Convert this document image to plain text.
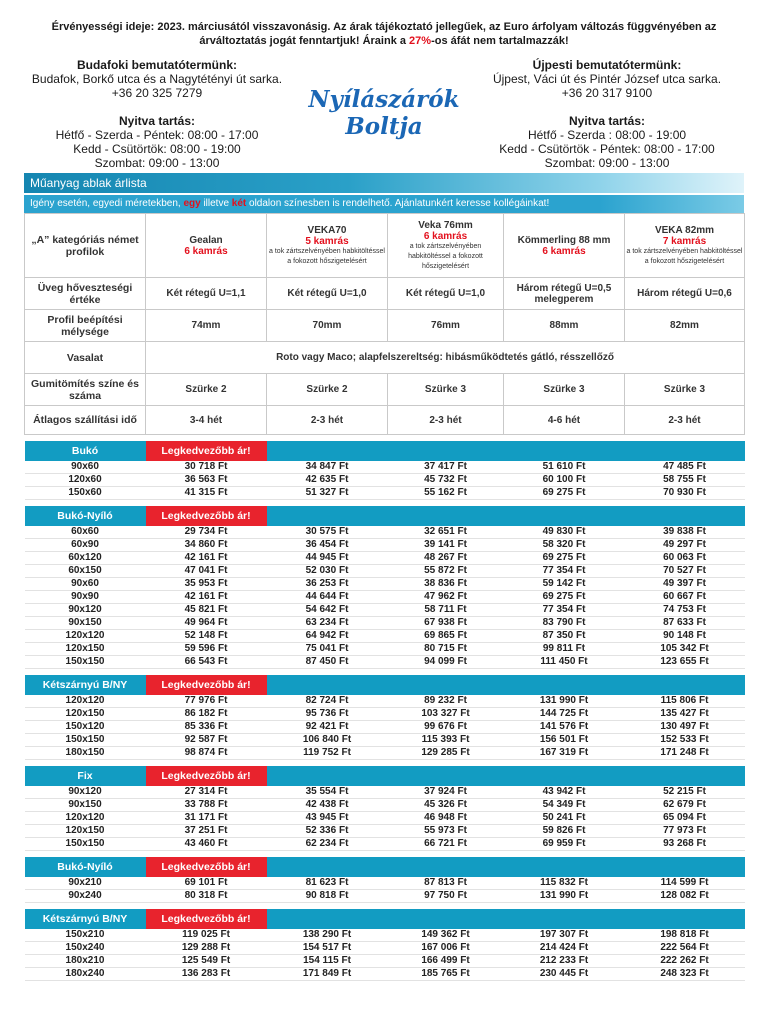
Érvényességi ideje: 2023. márciusától visszavonásig. Az árak tájékoztató jellegűek, az Euro árfolyam változás függvényében az
árváltoztatás jogát fenntartjuk! Áraink a 27%-os áfát nem tartalmazzák!
Budafoki bemutatótermünk:
Budafok, Borkő utca és a Nagytétényi út sarka.
+36 20 325 7279
Nyitva tartás:
Hétfő - Szerda - Péntek: 08:00 - 17:00
Kedd - Csütörtök: 08:00 - 19:00
Szombat: 09:00 - 13:00
Nyílászárók
Boltja
Újpesti bemutatótermünk:
Újpest, Váci út és Pintér József utca sarka.
+36 20 317 9100
Nyitva tartás:
Hétfő - Szerda : 08:00 - 19:00
Kedd - Csütörtök - Péntek: 08:00 - 17:00
Szombat: 09:00 - 13:00
Műanyag ablak árlista
Igény esetén, egyedi méretekben, egy illetve két oldalon színesben is rendelhető. Ajánlatunkért keresse kollégáinkat!
„A” kategóriás német profilok	Gealan
6 kamrás	VEKA70
5 kamrás
a tok zártszelvényében habkitöltéssel a fokozott hőszigetelésért	Veka 76mm
6 kamrás
a tok zártszelvényében habkitöltéssel a fokozott hőszigetelésért	Kömmerling 88 mm
6 kamrás	VEKA 82mm
7 kamrás
a tok zártszelvényében habkitöltéssel a fokozott hőszigetelésért

Üveg hőveszteségi értéke	Két rétegű U=1,1	Két rétegű U=1,0	Két rétegű U=1,0	Három rétegű U=0,5 melegperem	Három rétegű U=0,6
Profil beépítési mélysége	74mm	70mm	76mm	88mm	82mm
Vasalat	Roto vagy Maco; alapfelszereltség: hibásműködtetés gátló, résszellőző				
Gumitömítés színe és száma	Szürke 2	Szürke 2	Szürke 3	Szürke 3	Szürke 3
Átlagos szállítási idő	3-4 hét	2-3 hét	2-3 hét	4-6 hét	2-3 hét

Bukó	Legkedvezőbb ár!				
90x60	30 718 Ft	34 847 Ft	37 417 Ft	51 610 Ft	47 485 Ft
120x60	36 563 Ft	42 635 Ft	45 732 Ft	60 100 Ft	58 755 Ft
150x60	41 315 Ft	51 327 Ft	55 162 Ft	69 275 Ft	70 930 Ft

Bukó-Nyíló	Legkedvezőbb ár!				
60x60	29 734 Ft	30 575 Ft	32 651 Ft	49 830 Ft	39 838 Ft
60x90	34 860 Ft	36 454 Ft	39 141 Ft	58 320 Ft	49 297 Ft
60x120	42 161 Ft	44 945 Ft	48 267 Ft	69 275 Ft	60 063 Ft
60x150	47 041 Ft	52 030 Ft	55 872 Ft	77 354 Ft	70 527 Ft
90x60	35 953 Ft	36 253 Ft	38 836 Ft	59 142 Ft	49 397 Ft
90x90	42 161 Ft	44 644 Ft	47 962 Ft	69 275 Ft	60 667 Ft
90x120	45 821 Ft	54 642 Ft	58 711 Ft	77 354 Ft	74 753 Ft
90x150	49 964 Ft	63 234 Ft	67 938 Ft	83 790 Ft	87 633 Ft
120x120	52 148 Ft	64 942 Ft	69 865 Ft	87 350 Ft	90 148 Ft
120x150	59 596 Ft	75 041 Ft	80 715 Ft	99 811 Ft	105 342 Ft
150x150	66 543 Ft	87 450 Ft	94 099 Ft	111 450 Ft	123 655 Ft

Kétszárnyú B/NY	Legkedvezőbb ár!				
120x120	77 976 Ft	82 724 Ft	89 232 Ft	131 990 Ft	115 806 Ft
120x150	86 182 Ft	95 736 Ft	103 327 Ft	144 725 Ft	135 427 Ft
150x120	85 336 Ft	92 421 Ft	99 676 Ft	141 576 Ft	130 497 Ft
150x150	92 587 Ft	106 840 Ft	115 393 Ft	156 501 Ft	152 533 Ft
180x150	98 874 Ft	119 752 Ft	129 285 Ft	167 319 Ft	171 248 Ft

Fix	Legkedvezőbb ár!				
90x120	27 314 Ft	35 554 Ft	37 924 Ft	43 942 Ft	52 215 Ft
90x150	33 788 Ft	42 438 Ft	45 326 Ft	54 349 Ft	62 679 Ft
120x120	31 171 Ft	43 945 Ft	46 948 Ft	50 241 Ft	65 094 Ft
120x150	37 251 Ft	52 336 Ft	55 973 Ft	59 826 Ft	77 973 Ft
150x150	43 460 Ft	62 234 Ft	66 721 Ft	69 959 Ft	93 268 Ft

Bukó-Nyíló	Legkedvezőbb ár!				
90x210	69 101 Ft	81 623 Ft	87 813 Ft	115 832 Ft	114 599 Ft
90x240	80 318 Ft	90 818 Ft	97 750 Ft	131 990 Ft	128 082 Ft

Kétszárnyú B/NY	Legkedvezőbb ár!				
150x210	119 025 Ft	138 290 Ft	149 362 Ft	197 307 Ft	198 818 Ft
150x240	129 288 Ft	154 517 Ft	167 006 Ft	214 424 Ft	222 564 Ft
180x210	125 549 Ft	154 115 Ft	166 499 Ft	212 233 Ft	222 262 Ft
180x240	136 283 Ft	171 849 Ft	185 765 Ft	230 445 Ft	248 323 Ft
